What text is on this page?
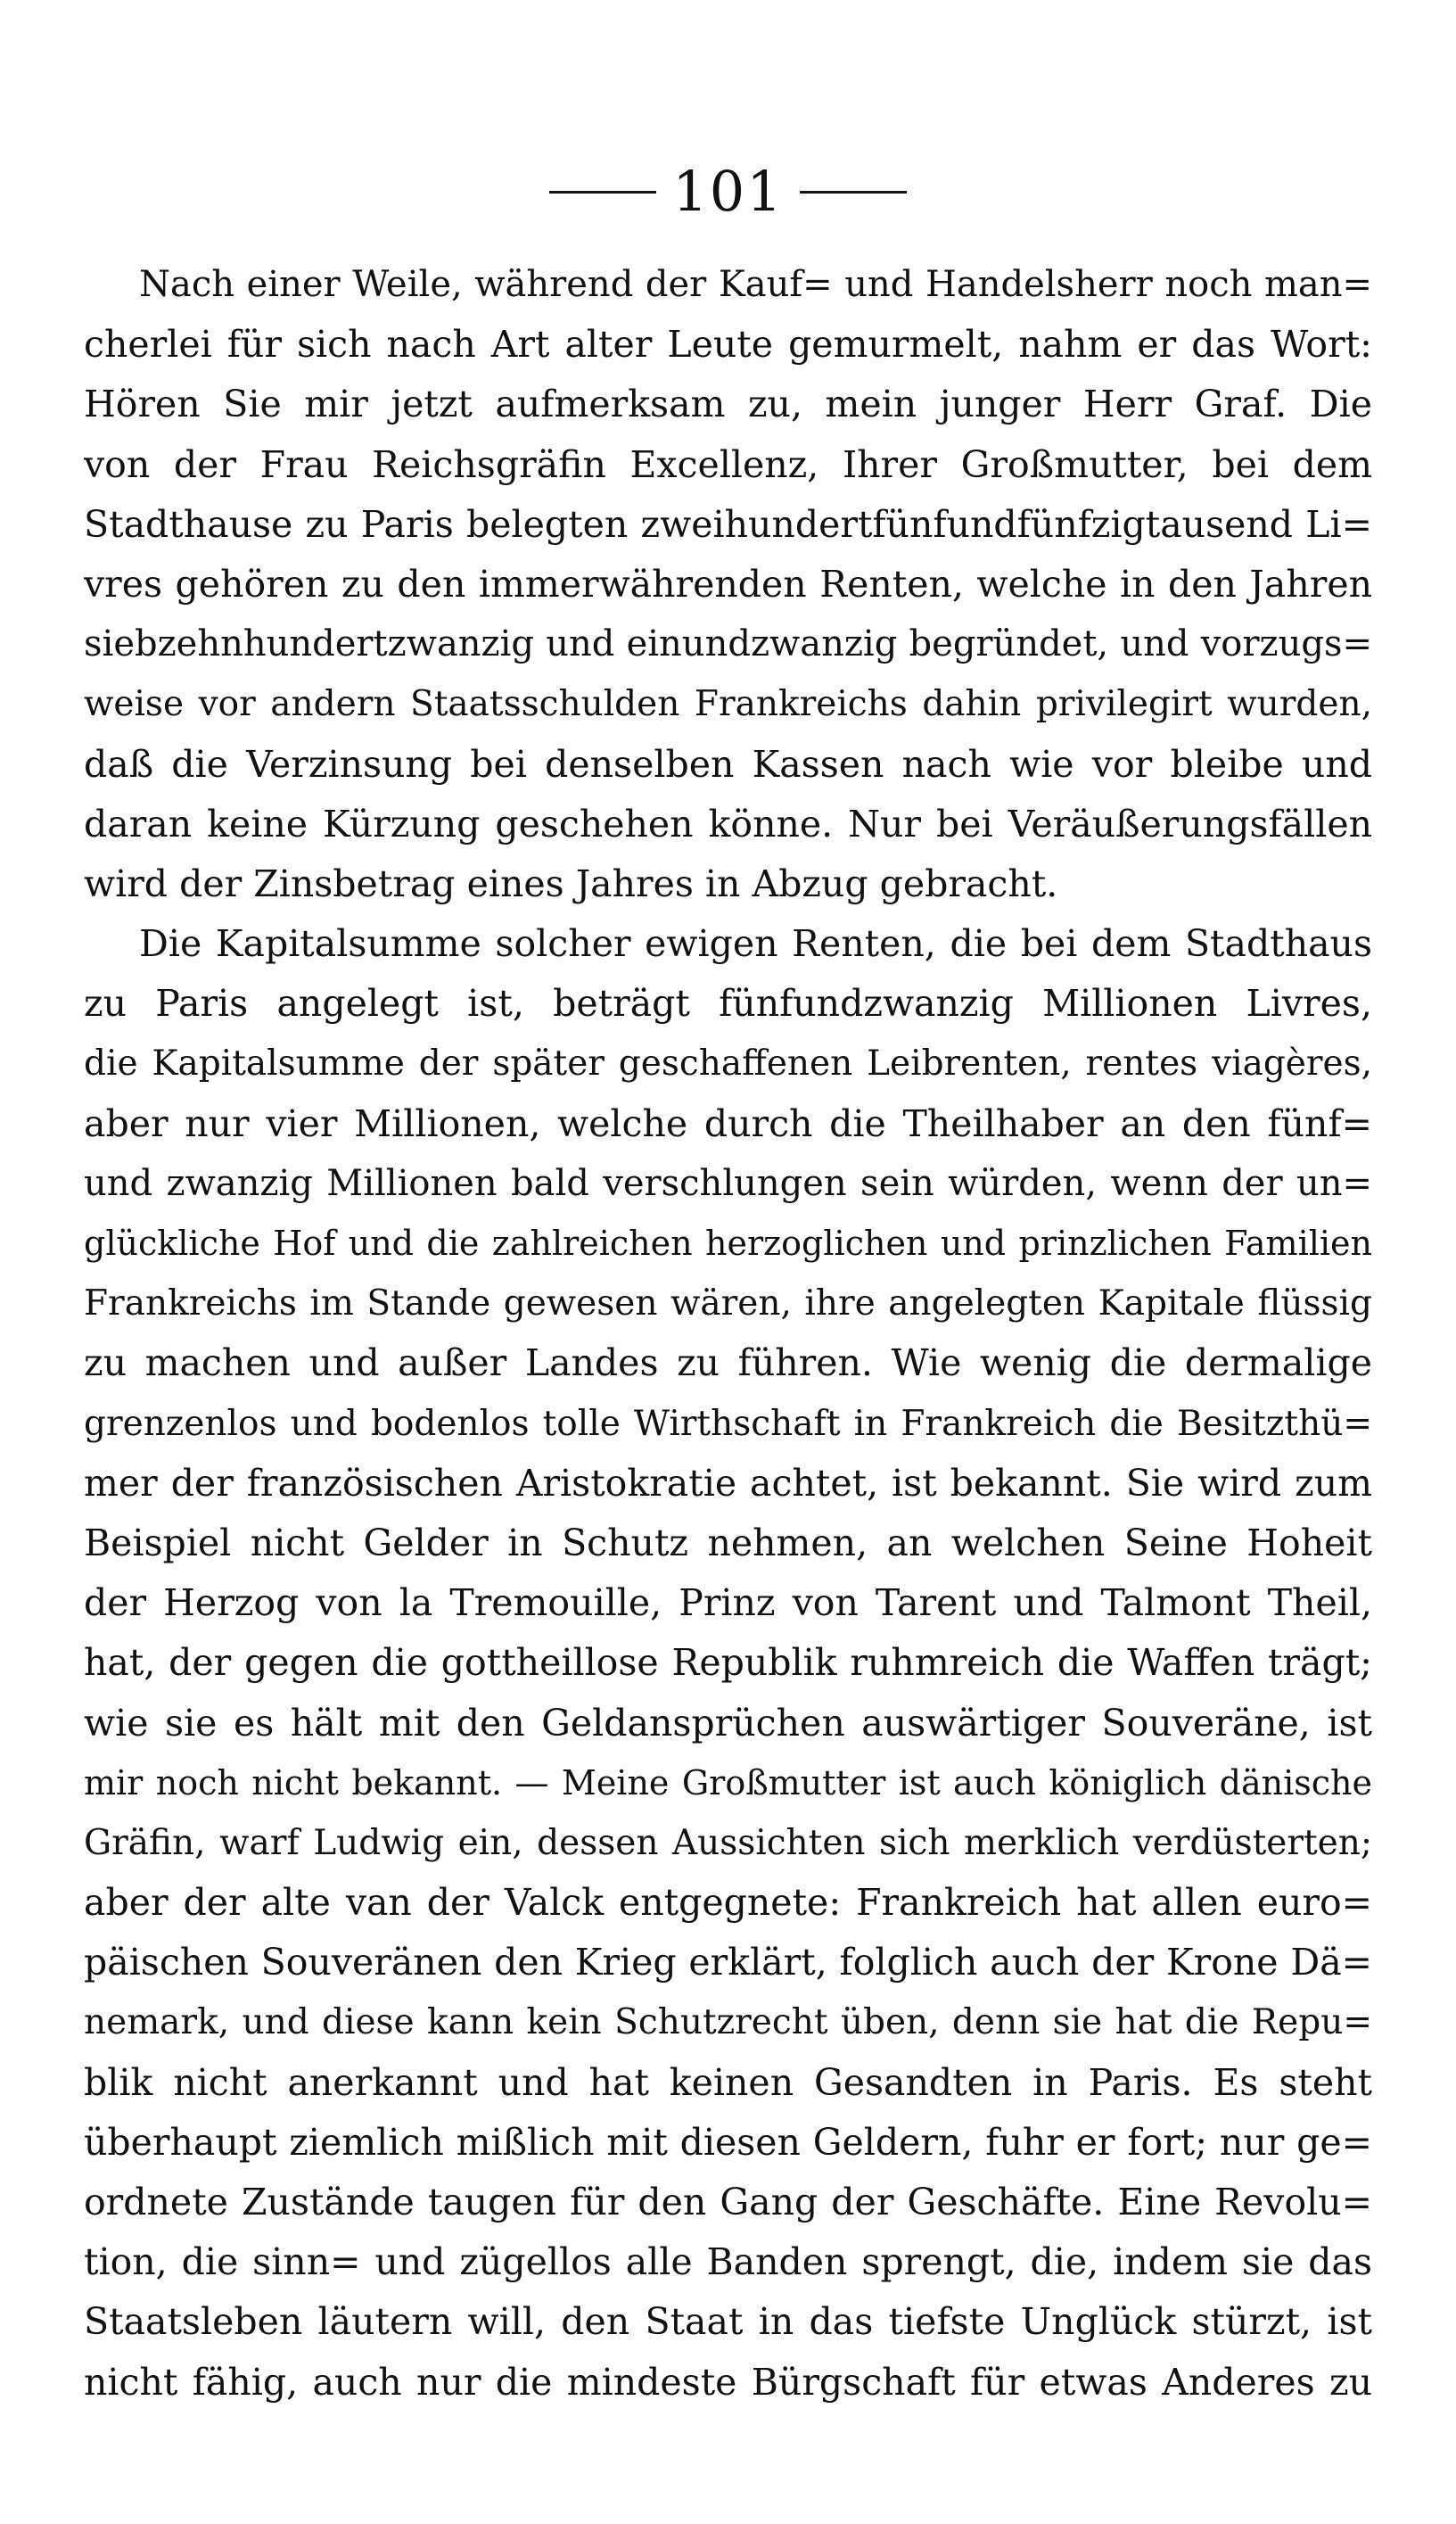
101
Nach einer Weile, während der Kauf= und Handelsherr noch man=
cherlei für sich nach Art alter Leute gemurmelt, nahm er das Wort:
Hören Sie mir jetzt aufmerksam zu, mein junger Herr Graf. Die
von der Frau Reichsgräfin Excellenz, Ihrer Großmutter, bei dem
Stadthause zu Paris belegten zweihundertfünfundfünfzigtausend Li=
vres gehören zu den immerwährenden Renten, welche in den Jahren
siebzehnhundertzwanzig und einundzwanzig begründet, und vorzugs=
weise vor andern Staatsschulden Frankreichs dahin privilegirt wurden,
daß die Verzinsung bei denselben Kassen nach wie vor bleibe und
daran keine Kürzung geschehen könne. Nur bei Veräußerungsfällen
wird der Zinsbetrag eines Jahres in Abzug gebracht.
Die Kapitalsumme solcher ewigen Renten, die bei dem Stadthaus
zu Paris angelegt ist, beträgt fünfundzwanzig Millionen Livres,
die Kapitalsumme der später geschaffenen Leibrenten, rentes viagères,
aber nur vier Millionen, welche durch die Theilhaber an den fünf=
und zwanzig Millionen bald verschlungen sein würden, wenn der un=
glückliche Hof und die zahlreichen herzoglichen und prinzlichen Familien
Frankreichs im Stande gewesen wären, ihre angelegten Kapitale flüssig
zu machen und außer Landes zu führen. Wie wenig die dermalige
grenzenlos und bodenlos tolle Wirthschaft in Frankreich die Besitzthü=
mer der französischen Aristokratie achtet, ist bekannt. Sie wird zum
Beispiel nicht Gelder in Schutz nehmen, an welchen Seine Hoheit
der Herzog von la Tremouille, Prinz von Tarent und Talmont Theil,
hat, der gegen die gottheillose Republik ruhmreich die Waffen trägt;
wie sie es hält mit den Geldansprüchen auswärtiger Souveräne, ist
mir noch nicht bekannt. — Meine Großmutter ist auch königlich dänische
Gräfin, warf Ludwig ein, dessen Aussichten sich merklich verdüsterten;
aber der alte van der Valck entgegnete: Frankreich hat allen euro=
päischen Souveränen den Krieg erklärt, folglich auch der Krone Dä=
nemark, und diese kann kein Schutzrecht üben, denn sie hat die Repu=
blik nicht anerkannt und hat keinen Gesandten in Paris. Es steht
überhaupt ziemlich mißlich mit diesen Geldern, fuhr er fort; nur ge=
ordnete Zustände taugen für den Gang der Geschäfte. Eine Revolu=
tion, die sinn= und zügellos alle Banden sprengt, die, indem sie das
Staatsleben läutern will, den Staat in das tiefste Unglück stürzt, ist
nicht fähig, auch nur die mindeste Bürgschaft für etwas Anderes zu
